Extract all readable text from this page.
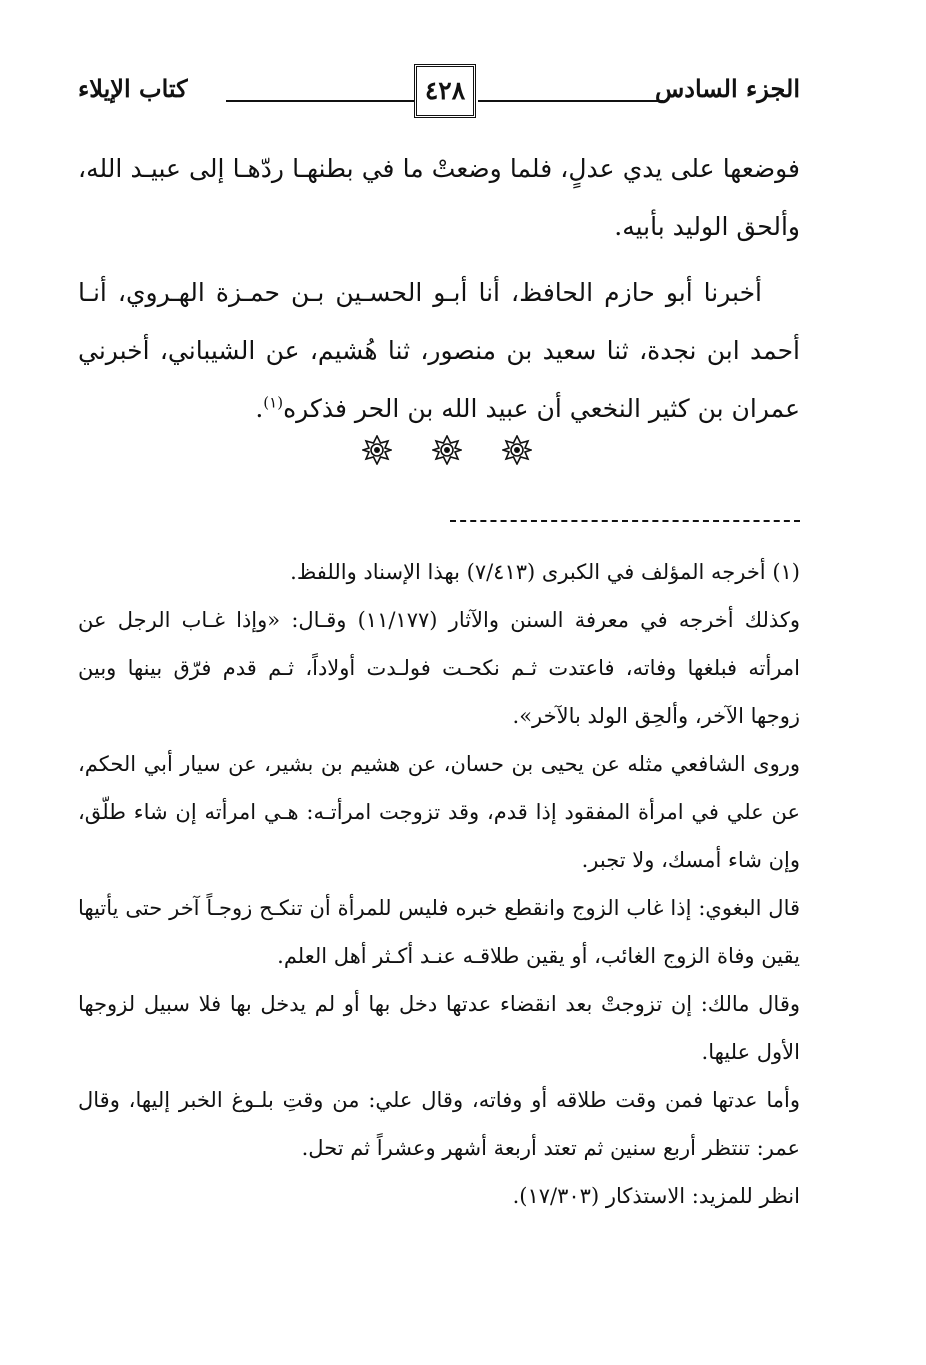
الجزء السادس
٤٢٨
كتاب الإيلاء

فوضعها على يدي عدلٍ، فلما وضعتْ ما في بطنهـا ردّهـا إلى عبيـد الله، وألحق الوليد بأبيه.

أخبرنا أبو حازم الحافظ، أنا أبـو الحسـين بـن حمـزة الهـروي، أنـا أحمد ابن نجدة، ثنا سعيد بن منصور، ثنا هُشيم، عن الشيباني، أخبرني عمران بن كثير النخعي أن عبيد الله بن الحر فذكره$^{(١)}$.

(١) أخرجه المؤلف في الكبرى (٧/٤١٣) بهذا الإسناد واللفظ.

وكذلك أخرجه في معرفة السنن والآثار (١١/١٧٧) وقـال: «وإذا غـاب الرجل عن امرأته فبلغها وفاته، فاعتدت ثـم نكحـت فولـدت أولاداً، ثـم قدم فرّق بينها وبين زوجها الآخر، وألحِق الولد بالآخر».

وروى الشافعي مثله عن يحيى بن حسان، عن هشيم بن بشير، عن سيار أبي الحكم، عن علي في امرأة المفقود إذا قدم، وقد تزوجت امرأتـه: هـي امرأته إن شاء طلّق، وإن شاء أمسك، ولا تجبر.

قال البغوي: إذا غاب الزوج وانقطع خبره فليس للمرأة أن تنكـح زوجـاً آخر حتى يأتيها يقين وفاة الزوج الغائب، أو يقين طلاقـه عنـد أكـثر أهل العلم.

وقال مالك: إن تزوجتْ بعد انقضاء عدتها دخل بها أو لم يدخل بها فلا سبيل لزوجها الأول عليها.

وأما عدتها فمن وقت طلاقه أو وفاته، وقال علي: من وقتِ بلـوغ الخبر إليها، وقال عمر: تنتظر أربع سنين ثم تعتد أربعة أشهر وعشراً ثم تحل.

انظر للمزيد: الاستذكار (١٧/٣٠٣).
